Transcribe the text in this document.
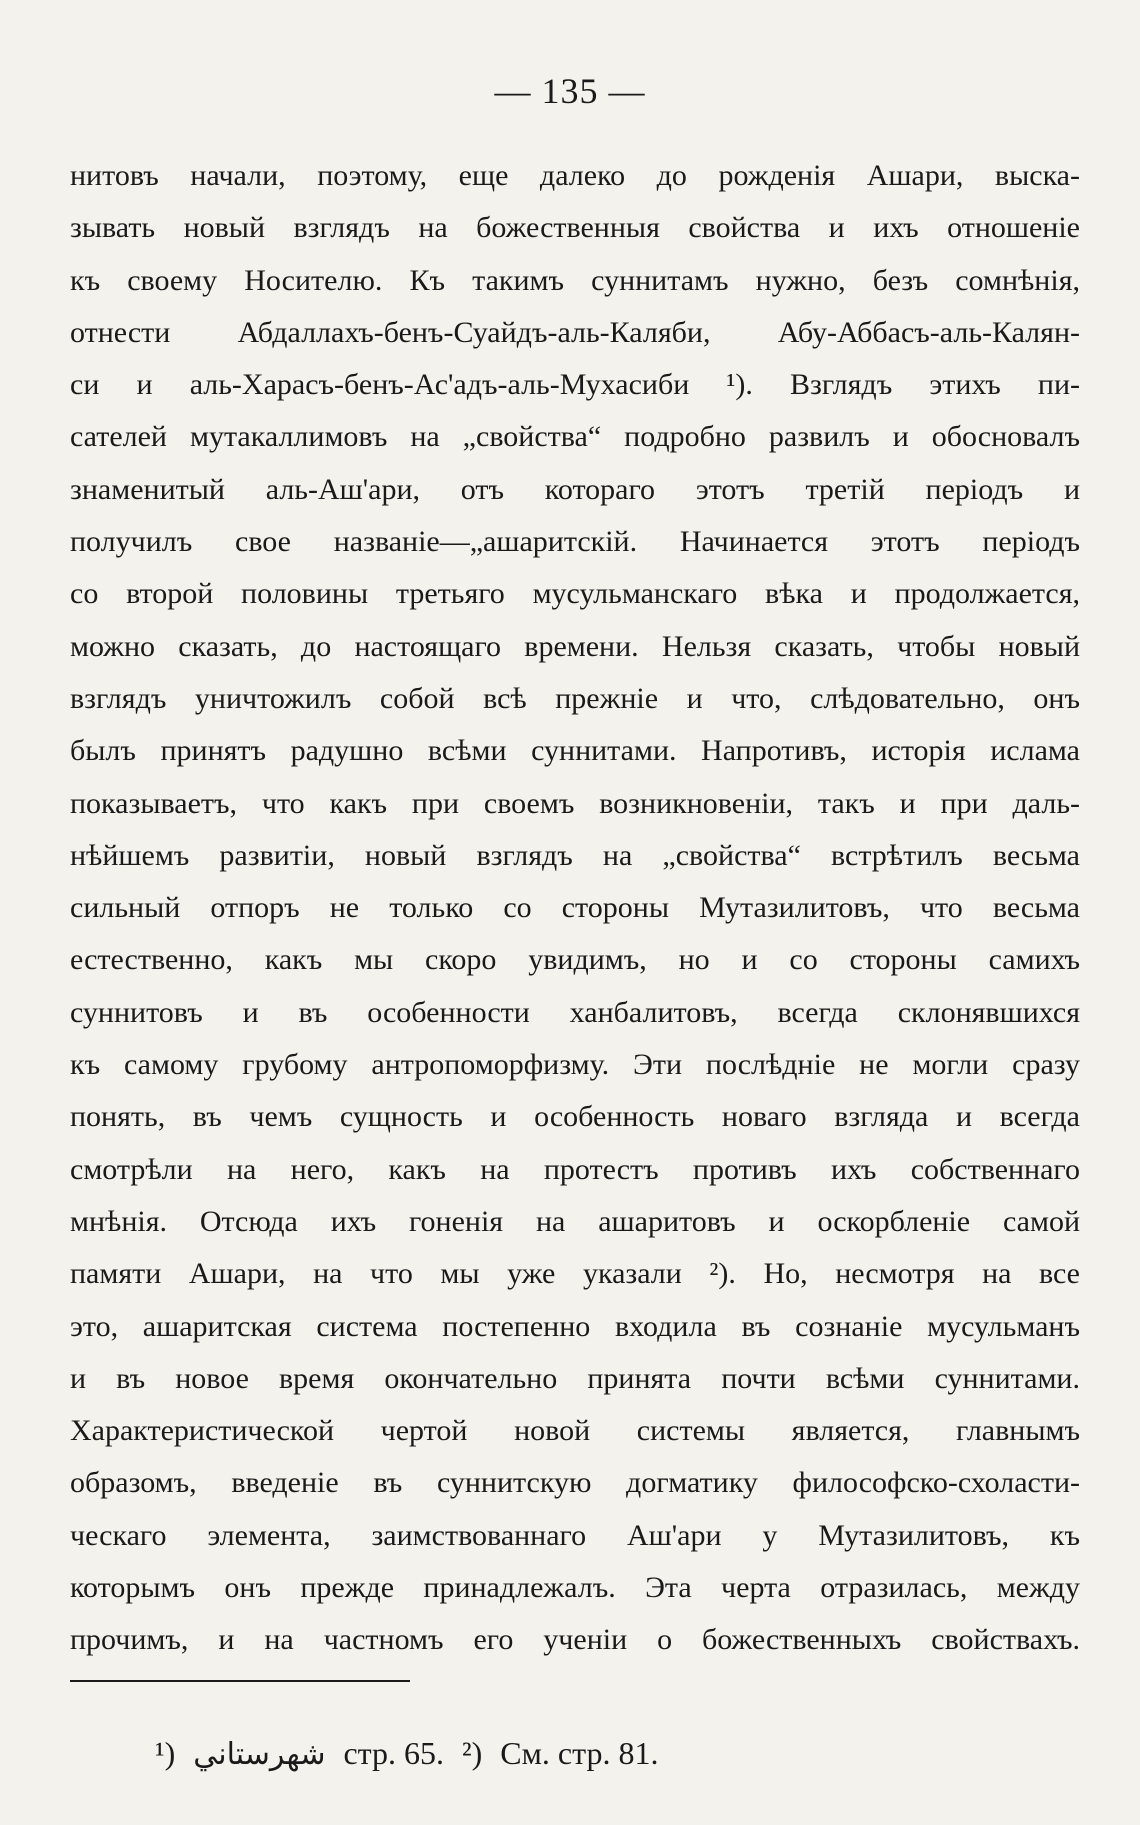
— 135 —
нитовъ начали, поэтому, еще далеко до рожденія Ашари, выска-
зывать новый взглядъ на божественныя свойства и ихъ отношеніе
къ своему Носителю. Къ такимъ суннитамъ нужно, безъ сомнѣнія,
отнести Абдаллахъ-бенъ-Суайдъ-аль-Каляби, Абу-Аббасъ-аль-Калян-
си и аль-Харасъ-бенъ-Ас'адъ-аль-Мухасиби ¹). Взглядъ этихъ пи-
сателей мутакаллимовъ на „свойства“ подробно развилъ и обосновалъ
знаменитый аль-Аш'ари, отъ котораго этотъ третій періодъ и
получилъ свое названіе—„ашаритскій. Начинается этотъ періодъ
со второй половины третьяго мусульманскаго вѣка и продолжается,
можно сказать, до настоящаго времени. Нельзя сказать, чтобы новый
взглядъ уничтожилъ собой всѣ прежніе и что, слѣдовательно, онъ
былъ принятъ радушно всѣми суннитами. Напротивъ, исторія ислама
показываетъ, что какъ при своемъ возникновеніи, такъ и при даль-
нѣйшемъ развитіи, новый взглядъ на „свойства“ встрѣтилъ весьма
сильный отпоръ не только со стороны Мутазилитовъ, что весьма
естественно, какъ мы скоро увидимъ, но и со стороны самихъ
суннитовъ и въ особенности ханбалитовъ, всегда склонявшихся
къ самому грубому антропоморфизму. Эти послѣдніе не могли сразу
понять, въ чемъ сущность и особенность новаго взгляда и всегда
смотрѣли на него, какъ на протестъ противъ ихъ собственнаго
мнѣнія. Отсюда ихъ гоненія на ашаритовъ и оскорбленіе самой
памяти Ашари, на что мы уже указали ²). Но, несмотря на все
это, ашаритская система постепенно входила въ сознаніе мусульманъ
и въ новое время окончательно принята почти всѣми суннитами.
Характеристической чертой новой системы является, главнымъ
образомъ, введеніе въ суннитскую догматику философско-схоласти-
ческаго элемента, заимствованнаго Аш'ари у Мутазилитовъ, къ
которымъ онъ прежде принадлежалъ. Эта черта отразилась, между
прочимъ, и на частномъ его ученіи о божественныхъ свойствахъ.
¹) شهرستاني стр. 65. ²) См. стр. 81.
